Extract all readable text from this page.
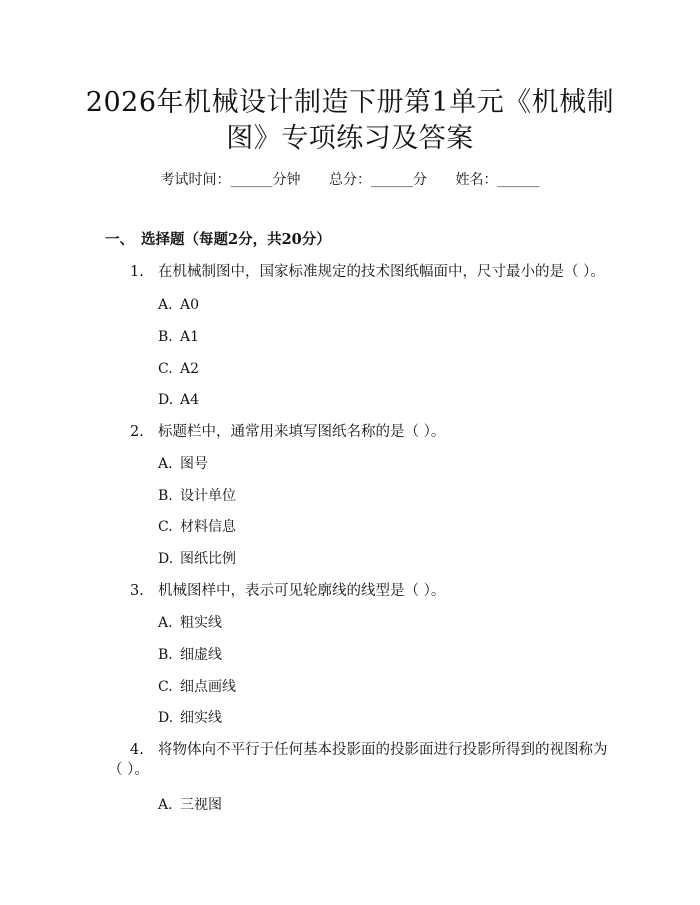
2026年机械设计制造下册第1单元《机械制
图》专项练习及答案
考试时间：______分钟 总分：______分 姓名：______
一、 选择题（每题2分，共20分）
1. 在机械制图中，国家标准规定的技术图纸幅面中，尺寸最小的是（ ）。
A. A0
B. A1
C. A2
D. A4
2. 标题栏中，通常用来填写图纸名称的是（ ）。
A. 图号
B. 设计单位
C. 材料信息
D. 图纸比例
3. 机械图样中，表示可见轮廓线的线型是（ ）。
A. 粗实线
B. 细虚线
C. 细点画线
D. 细实线
4. 将物体向不平行于任何基本投影面的投影面进行投影所得到的视图称为（ ）。
A. 三视图
